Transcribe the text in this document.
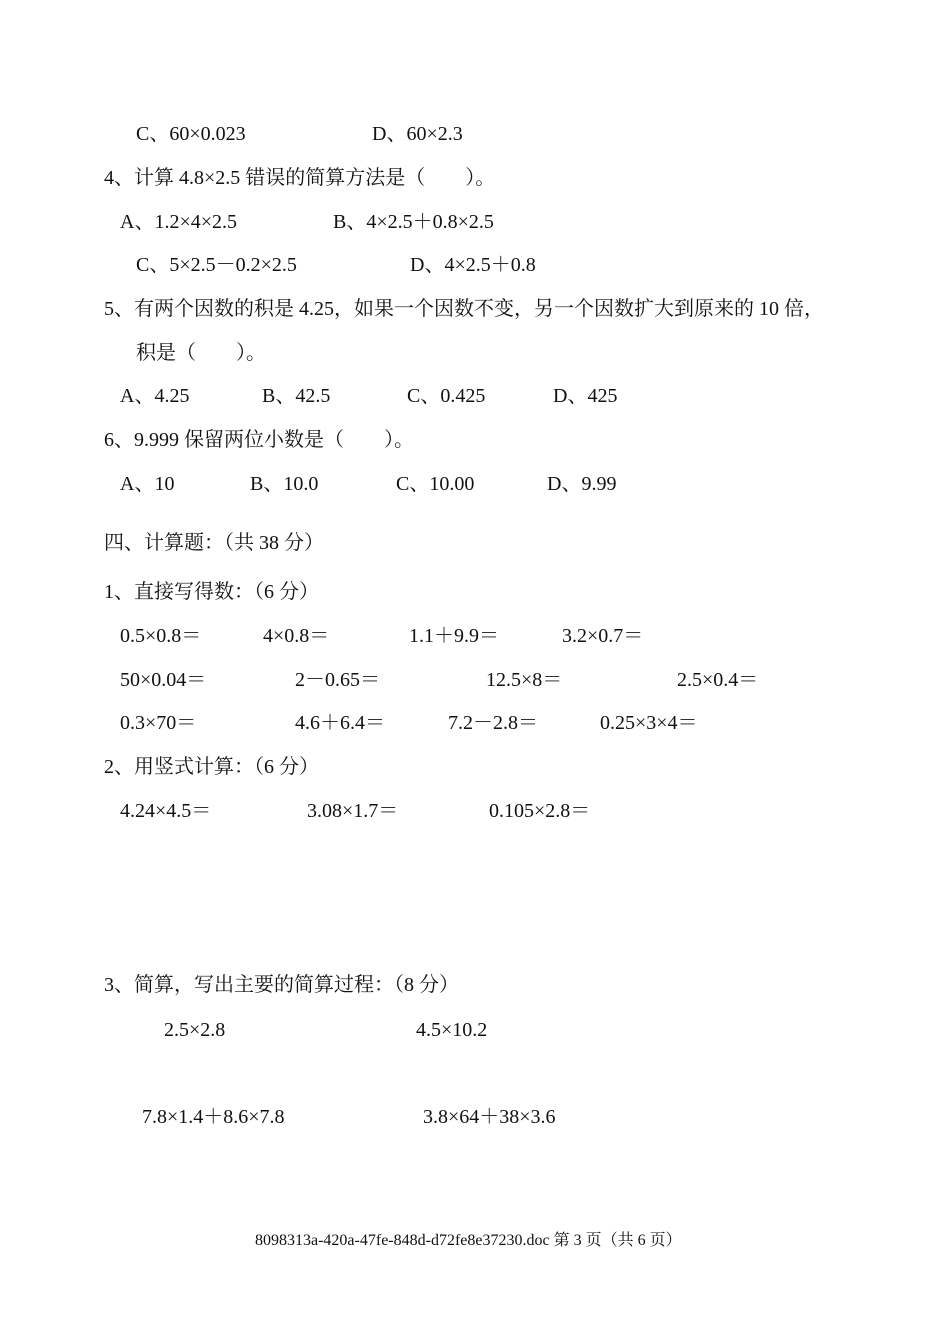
C、60×0.023	D、60×2.3
4、计算 4.8×2.5 错误的简算方法是（　　）。
A、1.2×4×2.5	B、4×2.5＋0.8×2.5
C、5×2.5－0.2×2.5	D、4×2.5＋0.8
5、有两个因数的积是 4.25，如果一个因数不变，另一个因数扩大到原来的 10 倍，
积是（　　）。
A、4.25	B、42.5	C、0.425	D、425
6、9.999 保留两位小数是（　　）。
A、10	B、10.0	C、10.00	D、9.99
四、计算题：（共 38 分）
1、直接写得数：（6 分）
0.5×0.8＝	4×0.8＝	1.1＋9.9＝	3.2×0.7＝
50×0.04＝	2－0.65＝	12.5×8＝	2.5×0.4＝
0.3×70＝	4.6＋6.4＝	7.2－2.8＝	0.25×3×4＝
2、用竖式计算：（6 分）
4.24×4.5＝	3.08×1.7＝	0.105×2.8＝
3、简算，写出主要的简算过程：（8 分）
2.5×2.8	4.5×10.2
7.8×1.4＋8.6×7.8	3.8×64＋38×3.6
8098313a-420a-47fe-848d-d72fe8e37230.doc 第 3 页（共 6 页）
